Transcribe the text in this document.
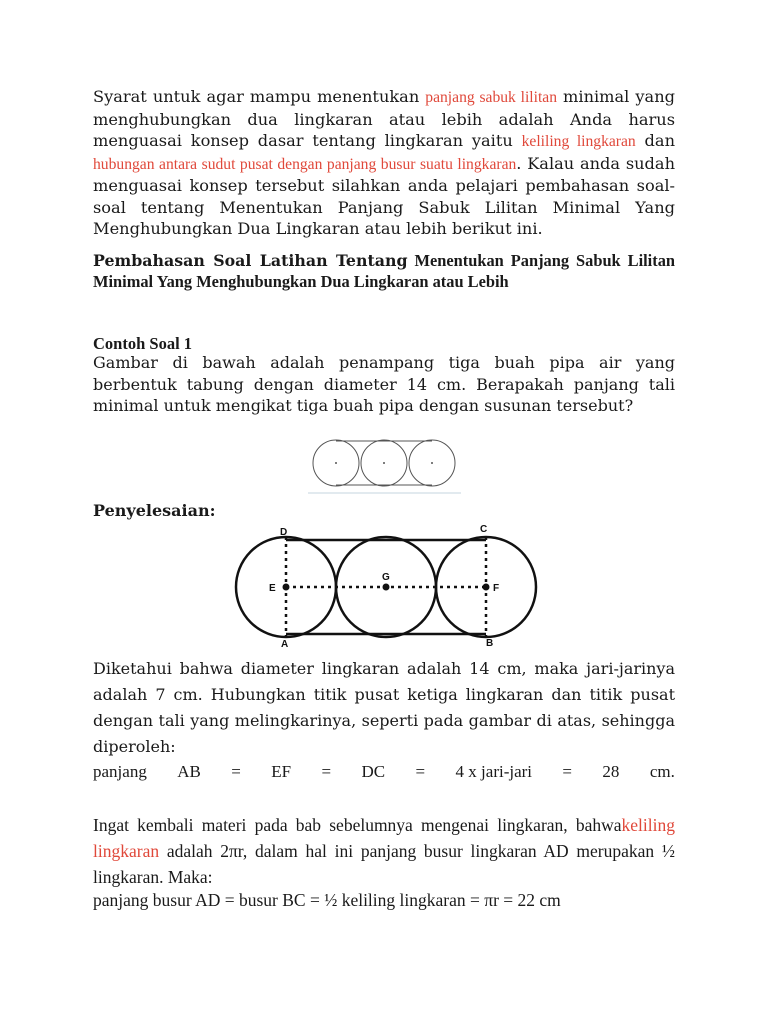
Syarat untuk agar mampu menentukan panjang sabuk lilitan minimal yang menghubungkan dua lingkaran atau lebih adalah Anda harus menguasai konsep dasar tentang lingkaran yaitu keliling lingkaran dan hubungan antara sudut pusat dengan panjang busur suatu lingkaran. Kalau anda sudah menguasai konsep tersebut silahkan anda pelajari pembahasan soal-soal tentang Menentukan Panjang Sabuk Lilitan Minimal Yang Menghubungkan Dua Lingkaran atau lebih berikut ini.

Pembahasan Soal Latihan Tentang Menentukan Panjang Sabuk Lilitan Minimal Yang Menghubungkan Dua Lingkaran atau Lebih

Contoh Soal 1

Gambar di bawah adalah penampang tiga buah pipa air yang berbentuk tabung dengan diameter 14 cm. Berapakah panjang tali minimal untuk mengikat tiga buah pipa dengan susunan tersebut?

Penyelesaian:

D	C
E
G
F
A	B

Diketahui bahwa diameter lingkaran adalah 14 cm, maka jari-jarinya adalah 7 cm. Hubungkan titik pusat ketiga lingkaran dan titik pusat dengan tali yang melingkarinya, seperti pada gambar di atas, sehingga diperoleh:

panjang AB = EF = DC = 4 x jari-jari = 28 cm.

Ingat kembali materi pada bab sebelumnya mengenai lingkaran, bahwakeliling lingkaran adalah 2πr, dalam hal ini panjang busur lingkaran AD merupakan ½ lingkaran. Maka:

panjang busur AD = busur BC = ½ keliling lingkaran = πr = 22 cm
